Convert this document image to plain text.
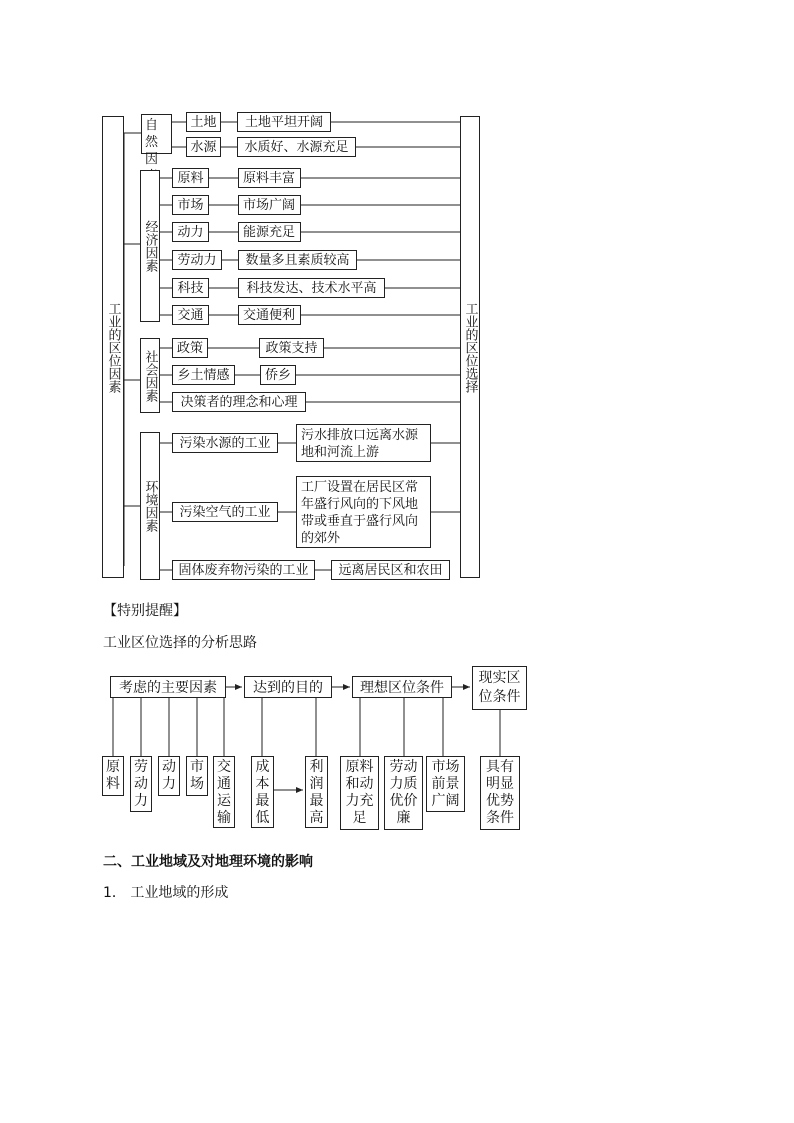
工业的区位因素	工业的区位选择
自然因
经济因素
社会因素
环境因素
土地
水源
原料
市场
动力
劳动力
科技
交通
政策
乡土情感
决策者的理念和心理
污染水源的工业
污染空气的工业
固体废弃物污染的工业
土地平坦开阔
水质好、水源充足
原料丰富
市场广阔
能源充足
数量多且素质较高
科技发达、技术水平高
交通便利
政策支持
侨乡
污水排放口远离水源地和河流上游
工厂设置在居民区常年盛行风向的下风地带或垂直于盛行风向的郊外
远离居民区和农田
【特别提醒】
工业区位选择的分析思路
考虑的主要因素	达到的目的	理想区位条件
现实区位条件
原料
劳动力
动力
市场
交通运输
成本最低
利润最高
原料和动力充足
劳动力质优价廉
市场前景广阔
具有明显优势条件
二、工业地域及对地理环境的影响
1． 工业地域的形成
